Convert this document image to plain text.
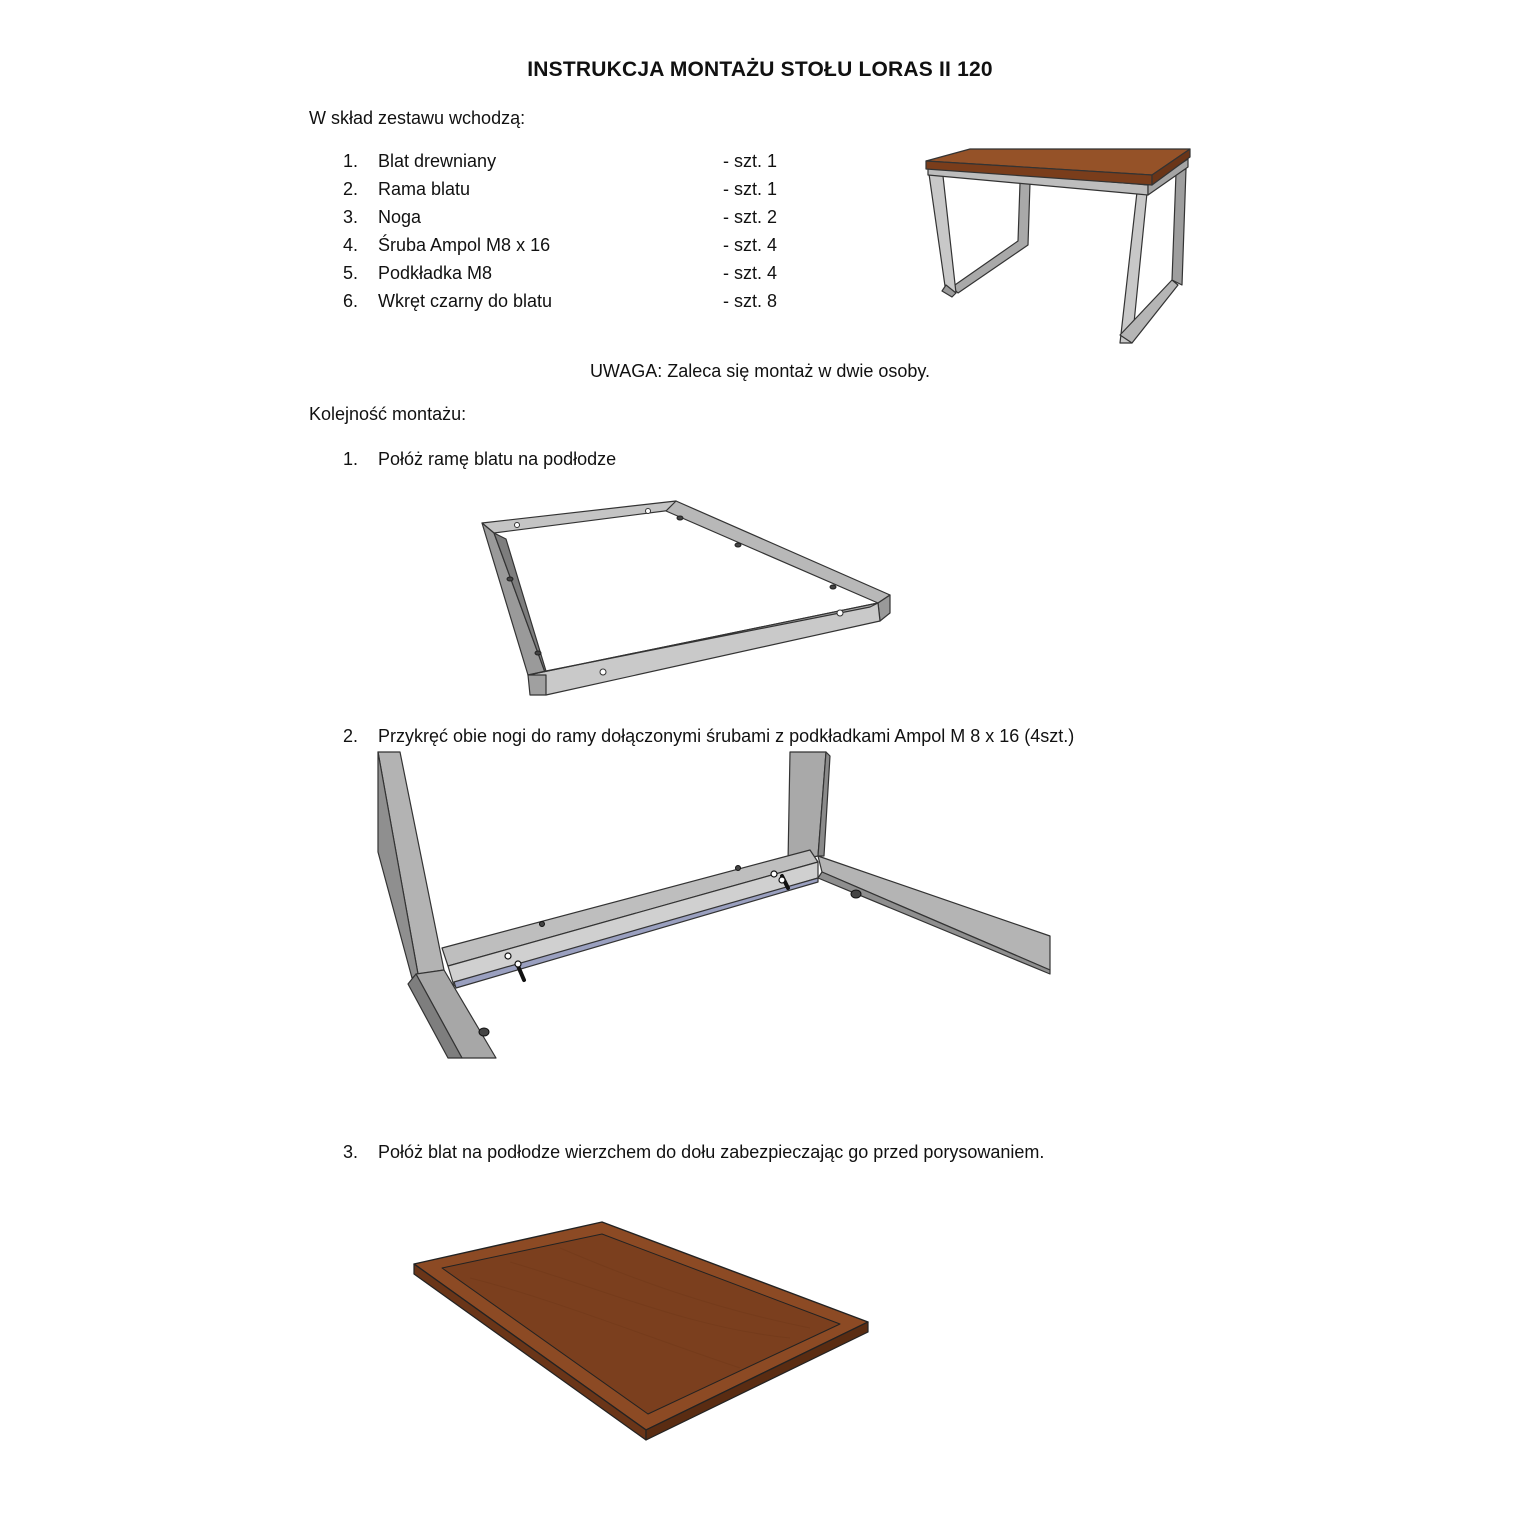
INSTRUKCJA MONTAŻU STOŁU LORAS II 120
W skład zestawu wchodzą:
1. Blat drewniany	- szt. 1
2. Rama blatu	- szt. 1
3. Noga	- szt. 2
4. Śruba Ampol M8 x 16	- szt. 4
5. Podkładka M8	- szt. 4
6. Wkręt czarny do blatu	- szt. 8
UWAGA: Zaleca się montaż w dwie osoby.
Kolejność montażu:
1. Połóż ramę blatu na podłodze
2. Przykręć obie nogi do ramy dołączonymi śrubami z podkładkami Ampol M 8 x 16 (4szt.)
3. Połóż blat na podłodze wierzchem do dołu zabezpieczając go przed porysowaniem.
